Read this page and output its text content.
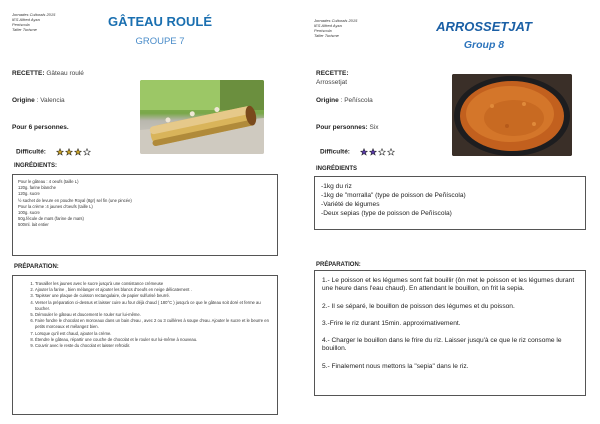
Jornades Culturals 2015
IES Alfred Ayza
Peníscola
Taller Turisme
GÂTEAU ROULÉ
GROUPE 7
RECETTE: Gâteau roulé
Origine : Valencia
Pour 6 personnes.
Difficulté:
INGRÉDIENTS:
Pour le gâteau : 4 oeufs (taille L)
120g. farine blanche
120g. sucre
½ sachet de levure en poudre Royal (8gr) sel fin (une pincée)
Pour la crème :4 jaunes d'oeufs (taille L)
100g. sucre
50g.fécule de maïs (farine de maïs)
500ml. lait entier
PRÉPARATION:
1. Travailler les jaunes avec le sucre jusqu'à une consistance crémeuse
2. Ajouter la farine , bien mélanger et ajouter les blancs d'oeufs en neige délicatement .
3. Tapisser une plaque de cuisson rectangulaire, de papier sulfurisé beurré.
4. Verser la préparation ci-dessus et laisser cuire au four déjà chaud ( 180°C ) jusqu'à ce que le gâteau soit doré et ferme au toucher.
5. Démouler le gâteau et doucement le rouler sur lui-même.
6. Faire fondre le chocolat en morceaux dans un bain d'eau , avec 2 ou 3 cuillères à soupe d'eau. Ajouter le sucre et le beurre en petits morceaux et mélangez bien.
7. Lorsque qu'il est chaud, ajouter la crème.
8. Étendre le gâteau, répartir une couche de chocolat et le rouler sur lui-même à nouveau.
9. Couvrir avec le reste du chocolat et laisser refroidir.
Jornades Culturals 2015
IES Alfred Ayza
Peníscola
Taller Turisme
ARROSSETJAT
Group 8
RECETTE:
Arrossetjat
Origine : Peñíscola
Pour personnes: Six
Difficulté:
INGRÉDIENTS
-1kg du riz
-1kg de "morralla" (type de poisson de Peñíscola)
-Variété de légumes
-Deux sepias (type de poisson de Peñíscola)
PRÉPARATION:
1.- Le poisson et les légumes sont fait bouillir (ôn met le poisson et les légumes durant une heure dans l'eau chaud). En attendant le bouillon, on frit la sepia.
2.- Il se séparé, le bouillon de poisson des légumes et du poisson.
3.-Frire le riz durant 15min. approximativement.
4.- Charger le bouillon dans le frire du riz. Laisser jusqu'à ce que le riz consome le bouillon.
5.- Finalement nous mettons la "sepia" dans le riz.
